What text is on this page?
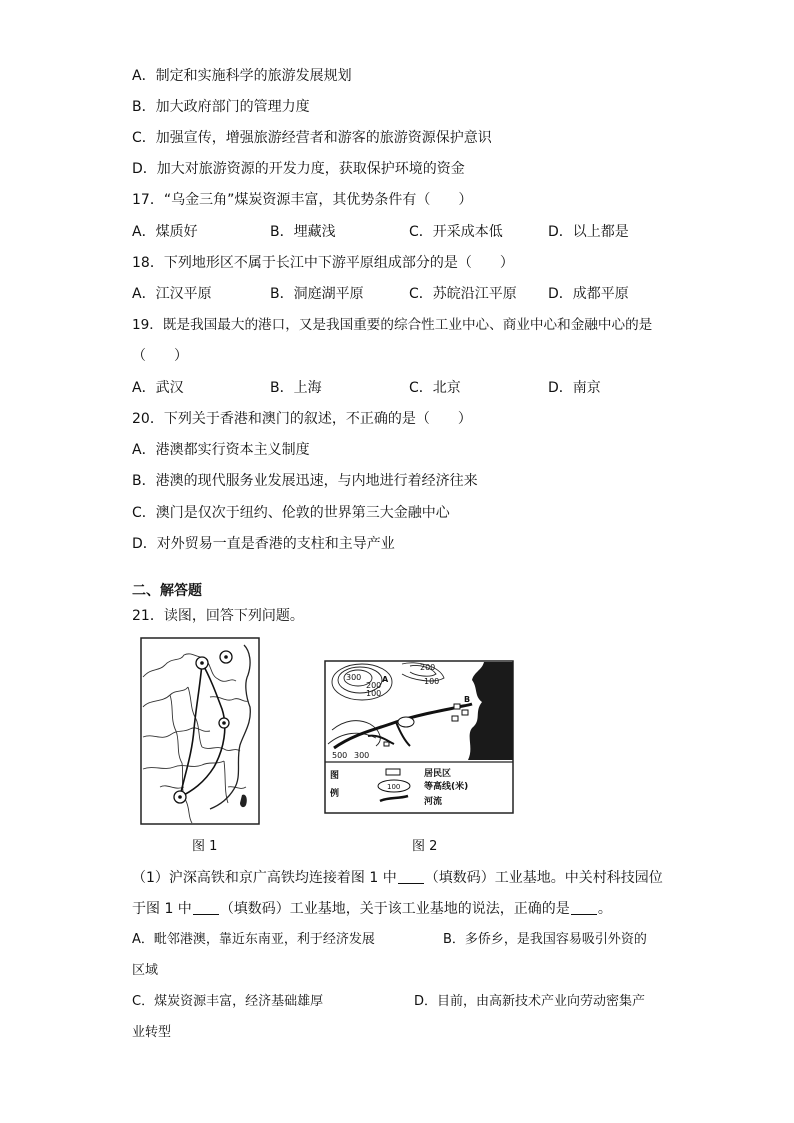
A．制定和实施科学的旅游发展规划
B．加大政府部门的管理力度
C．加强宣传，增强旅游经营者和游客的旅游资源保护意识
D．加大对旅游资源的开发力度，获取保护环境的资金
17．“乌金三角”煤炭资源丰富，其优势条件有（　　）
A．煤质好	B．埋藏浅	C．开采成本低	D．以上都是
18．下列地形区不属于长江中下游平原组成部分的是（　　）
A．江汉平原	B．洞庭湖平原	C．苏皖沿江平原 D．成都平原
19．既是我国最大的港口，又是我国重要的综合性工业中心、商业中心和金融中心的是
（　　）
A．武汉	B．上海	C．北京	D．南京
20．下列关于香港和澳门的叙述，不正确的是（　　）
A．港澳都实行资本主义制度
B．港澳的现代服务业发展迅速，与内地进行着经济往来
C．澳门是仅次于纽约、伦敦的世界第三大金融中心
D．对外贸易一直是香港的支柱和主导产业
二、解答题
21．读图，回答下列问题。
图 1
300
200
100
200
100
500 300
A
B
图
例
居民区
100	等高线(米)
河流
图 2
（1）沪深高铁和京广高铁均连接着图 1 中 （填数码）工业基地。中关村科技园位
于图 1 中 （填数码）工业基地，关于该工业基地的说法，正确的是 。
A．毗邻港澳，靠近东南亚，利于经济发展	B．多侨乡，是我国容易吸引外资的
区域
C．煤炭资源丰富，经济基础雄厚	D．目前，由高新技术产业向劳动密集产
业转型
